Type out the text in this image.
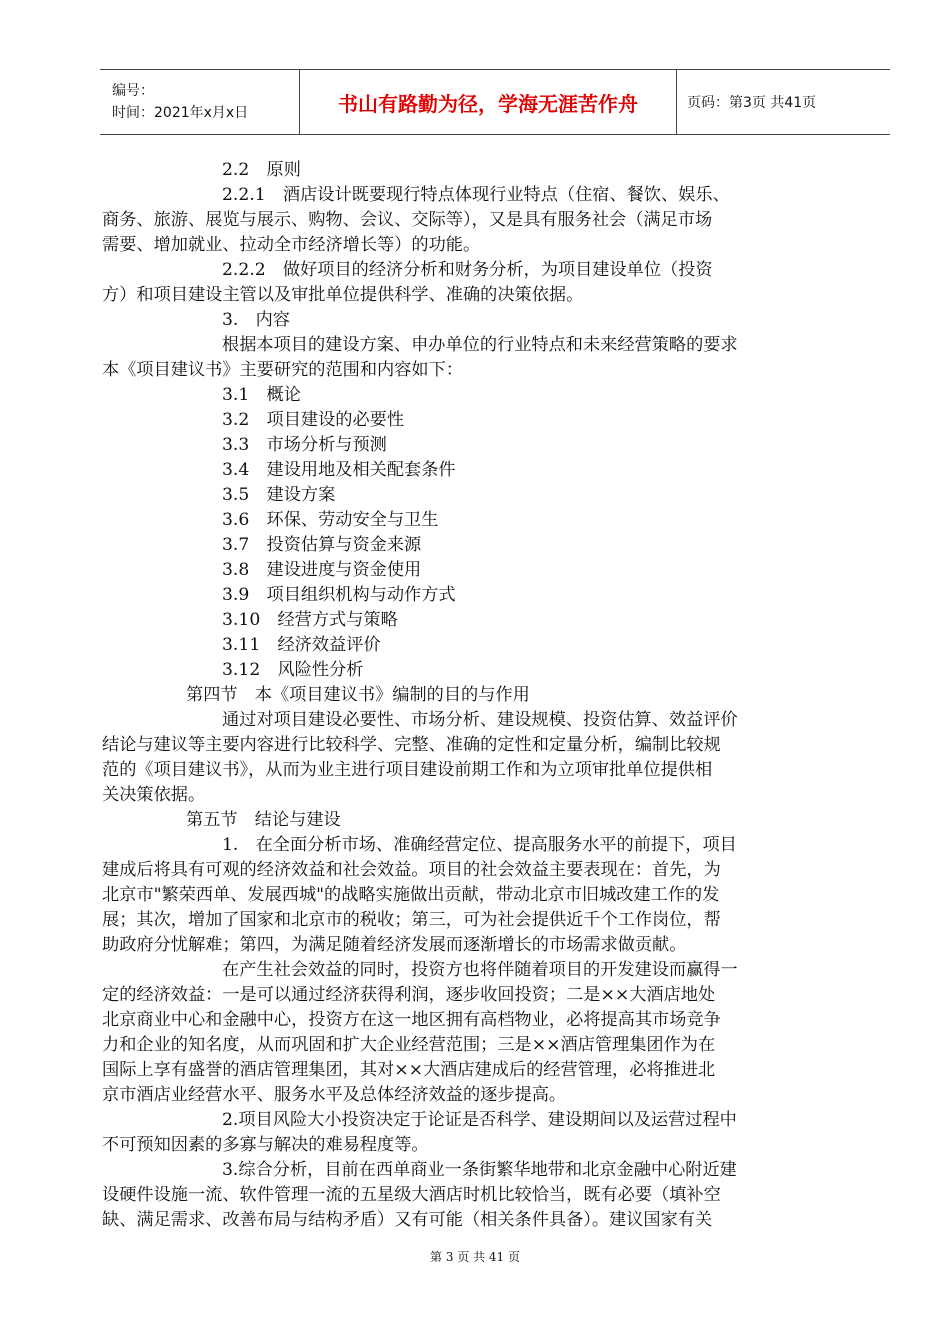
编号：
时间：2021年x月x日	书山有路勤为径，学海无涯苦作舟	页码：第3页 共41页
2.2　原则
2.2.1　酒店设计既要现行特点体现行业特点（住宿、餐饮、娱乐、
商务、旅游、展览与展示、购物、会议、交际等），又是具有服务社会（满足市场
需要、增加就业、拉动全市经济增长等）的功能。
2.2.2　做好项目的经济分析和财务分析，为项目建设单位（投资
方）和项目建设主管以及审批单位提供科学、准确的决策依据。
3.　内容
根据本项目的建设方案、申办单位的行业特点和未来经营策略的要求
本《项目建议书》主要研究的范围和内容如下：
3.1　概论
3.2　项目建设的必要性
3.3　市场分析与预测
3.4　建设用地及相关配套条件
3.5　建设方案
3.6　环保、劳动安全与卫生
3.7　投资估算与资金来源
3.8　建设进度与资金使用
3.9　项目组织机构与动作方式
3.10　经营方式与策略
3.11　经济效益评价
3.12　风险性分析
第四节　本《项目建议书》编制的目的与作用
通过对项目建设必要性、市场分析、建设规模、投资估算、效益评价
结论与建议等主要内容进行比较科学、完整、准确的定性和定量分析，编制比较规
范的《项目建议书》，从而为业主进行项目建设前期工作和为立项审批单位提供相
关决策依据。
第五节　结论与建设
1.　在全面分析市场、准确经营定位、提高服务水平的前提下，项目
建成后将具有可观的经济效益和社会效益。项目的社会效益主要表现在：首先，为
北京市"繁荣西单、发展西城"的战略实施做出贡献，带动北京市旧城改建工作的发
展；其次，增加了国家和北京市的税收；第三，可为社会提供近千个工作岗位，帮
助政府分忧解难；第四，为满足随着经济发展而逐渐增长的市场需求做贡献。
在产生社会效益的同时，投资方也将伴随着项目的开发建设而赢得一
定的经济效益：一是可以通过经济获得利润，逐步收回投资；二是××大酒店地处
北京商业中心和金融中心，投资方在这一地区拥有高档物业，必将提高其市场竞争
力和企业的知名度，从而巩固和扩大企业经营范围；三是××酒店管理集团作为在
国际上享有盛誉的酒店管理集团，其对××大酒店建成后的经营管理，必将推进北
京市酒店业经营水平、服务水平及总体经济效益的逐步提高。
2.项目风险大小投资决定于论证是否科学、建设期间以及运营过程中
不可预知因素的多寡与解决的难易程度等。
3.综合分析，目前在西单商业一条街繁华地带和北京金融中心附近建
设硬件设施一流、软件管理一流的五星级大酒店时机比较恰当，既有必要（填补空
缺、满足需求、改善布局与结构矛盾）又有可能（相关条件具备）。建议国家有关
第 3 页 共 41 页
